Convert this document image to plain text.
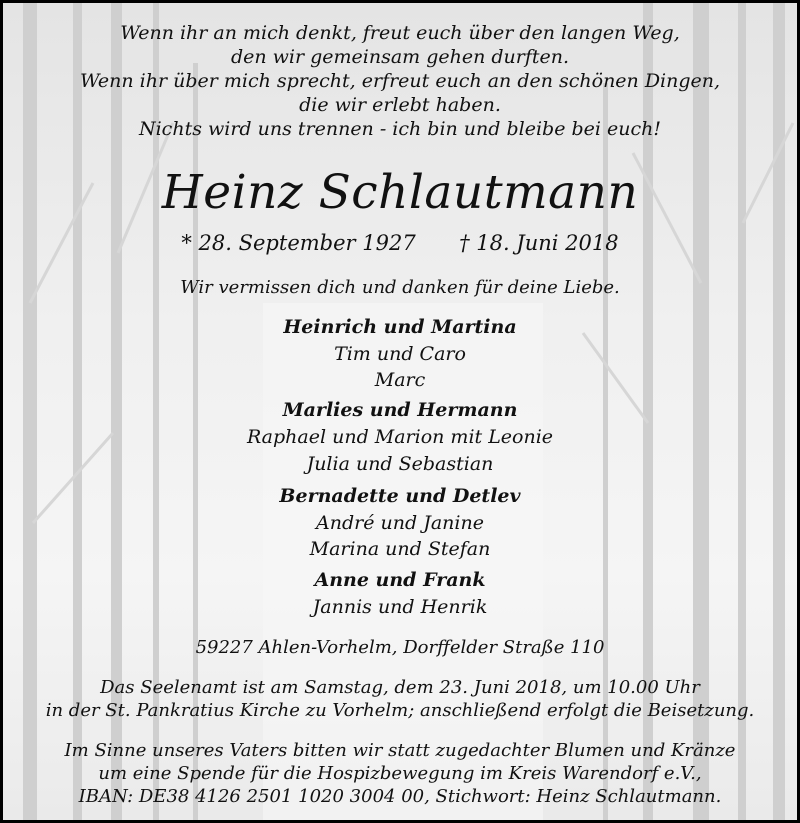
Wenn ihr an mich denkt, freut euch über den langen Weg,
den wir gemeinsam gehen durften.
Wenn ihr über mich sprecht, erfreut euch an den schönen Dingen,
die wir erlebt haben.
Nichts wird uns trennen - ich bin und bleibe bei euch!
Heinz Schlautmann
* 28. September 1927 † 18. Juni 2018
Wir vermissen dich und danken für deine Liebe.
Heinrich und Martina
Tim und Caro
Marc
Marlies und Hermann
Raphael und Marion mit Leonie
Julia und Sebastian
Bernadette und Detlev
André und Janine
Marina und Stefan
Anne und Frank
Jannis und Henrik
59227 Ahlen-Vorhelm, Dorffelder Straße 110
Das Seelenamt ist am Samstag, dem 23. Juni 2018, um 10.00 Uhr
in der St. Pankratius Kirche zu Vorhelm; anschließend erfolgt die Beisetzung.
Im Sinne unseres Vaters bitten wir statt zugedachter Blumen und Kränze
um eine Spende für die Hospizbewegung im Kreis Warendorf e.V.,
IBAN: DE38 4126 2501 1020 3004 00, Stichwort: Heinz Schlautmann.
